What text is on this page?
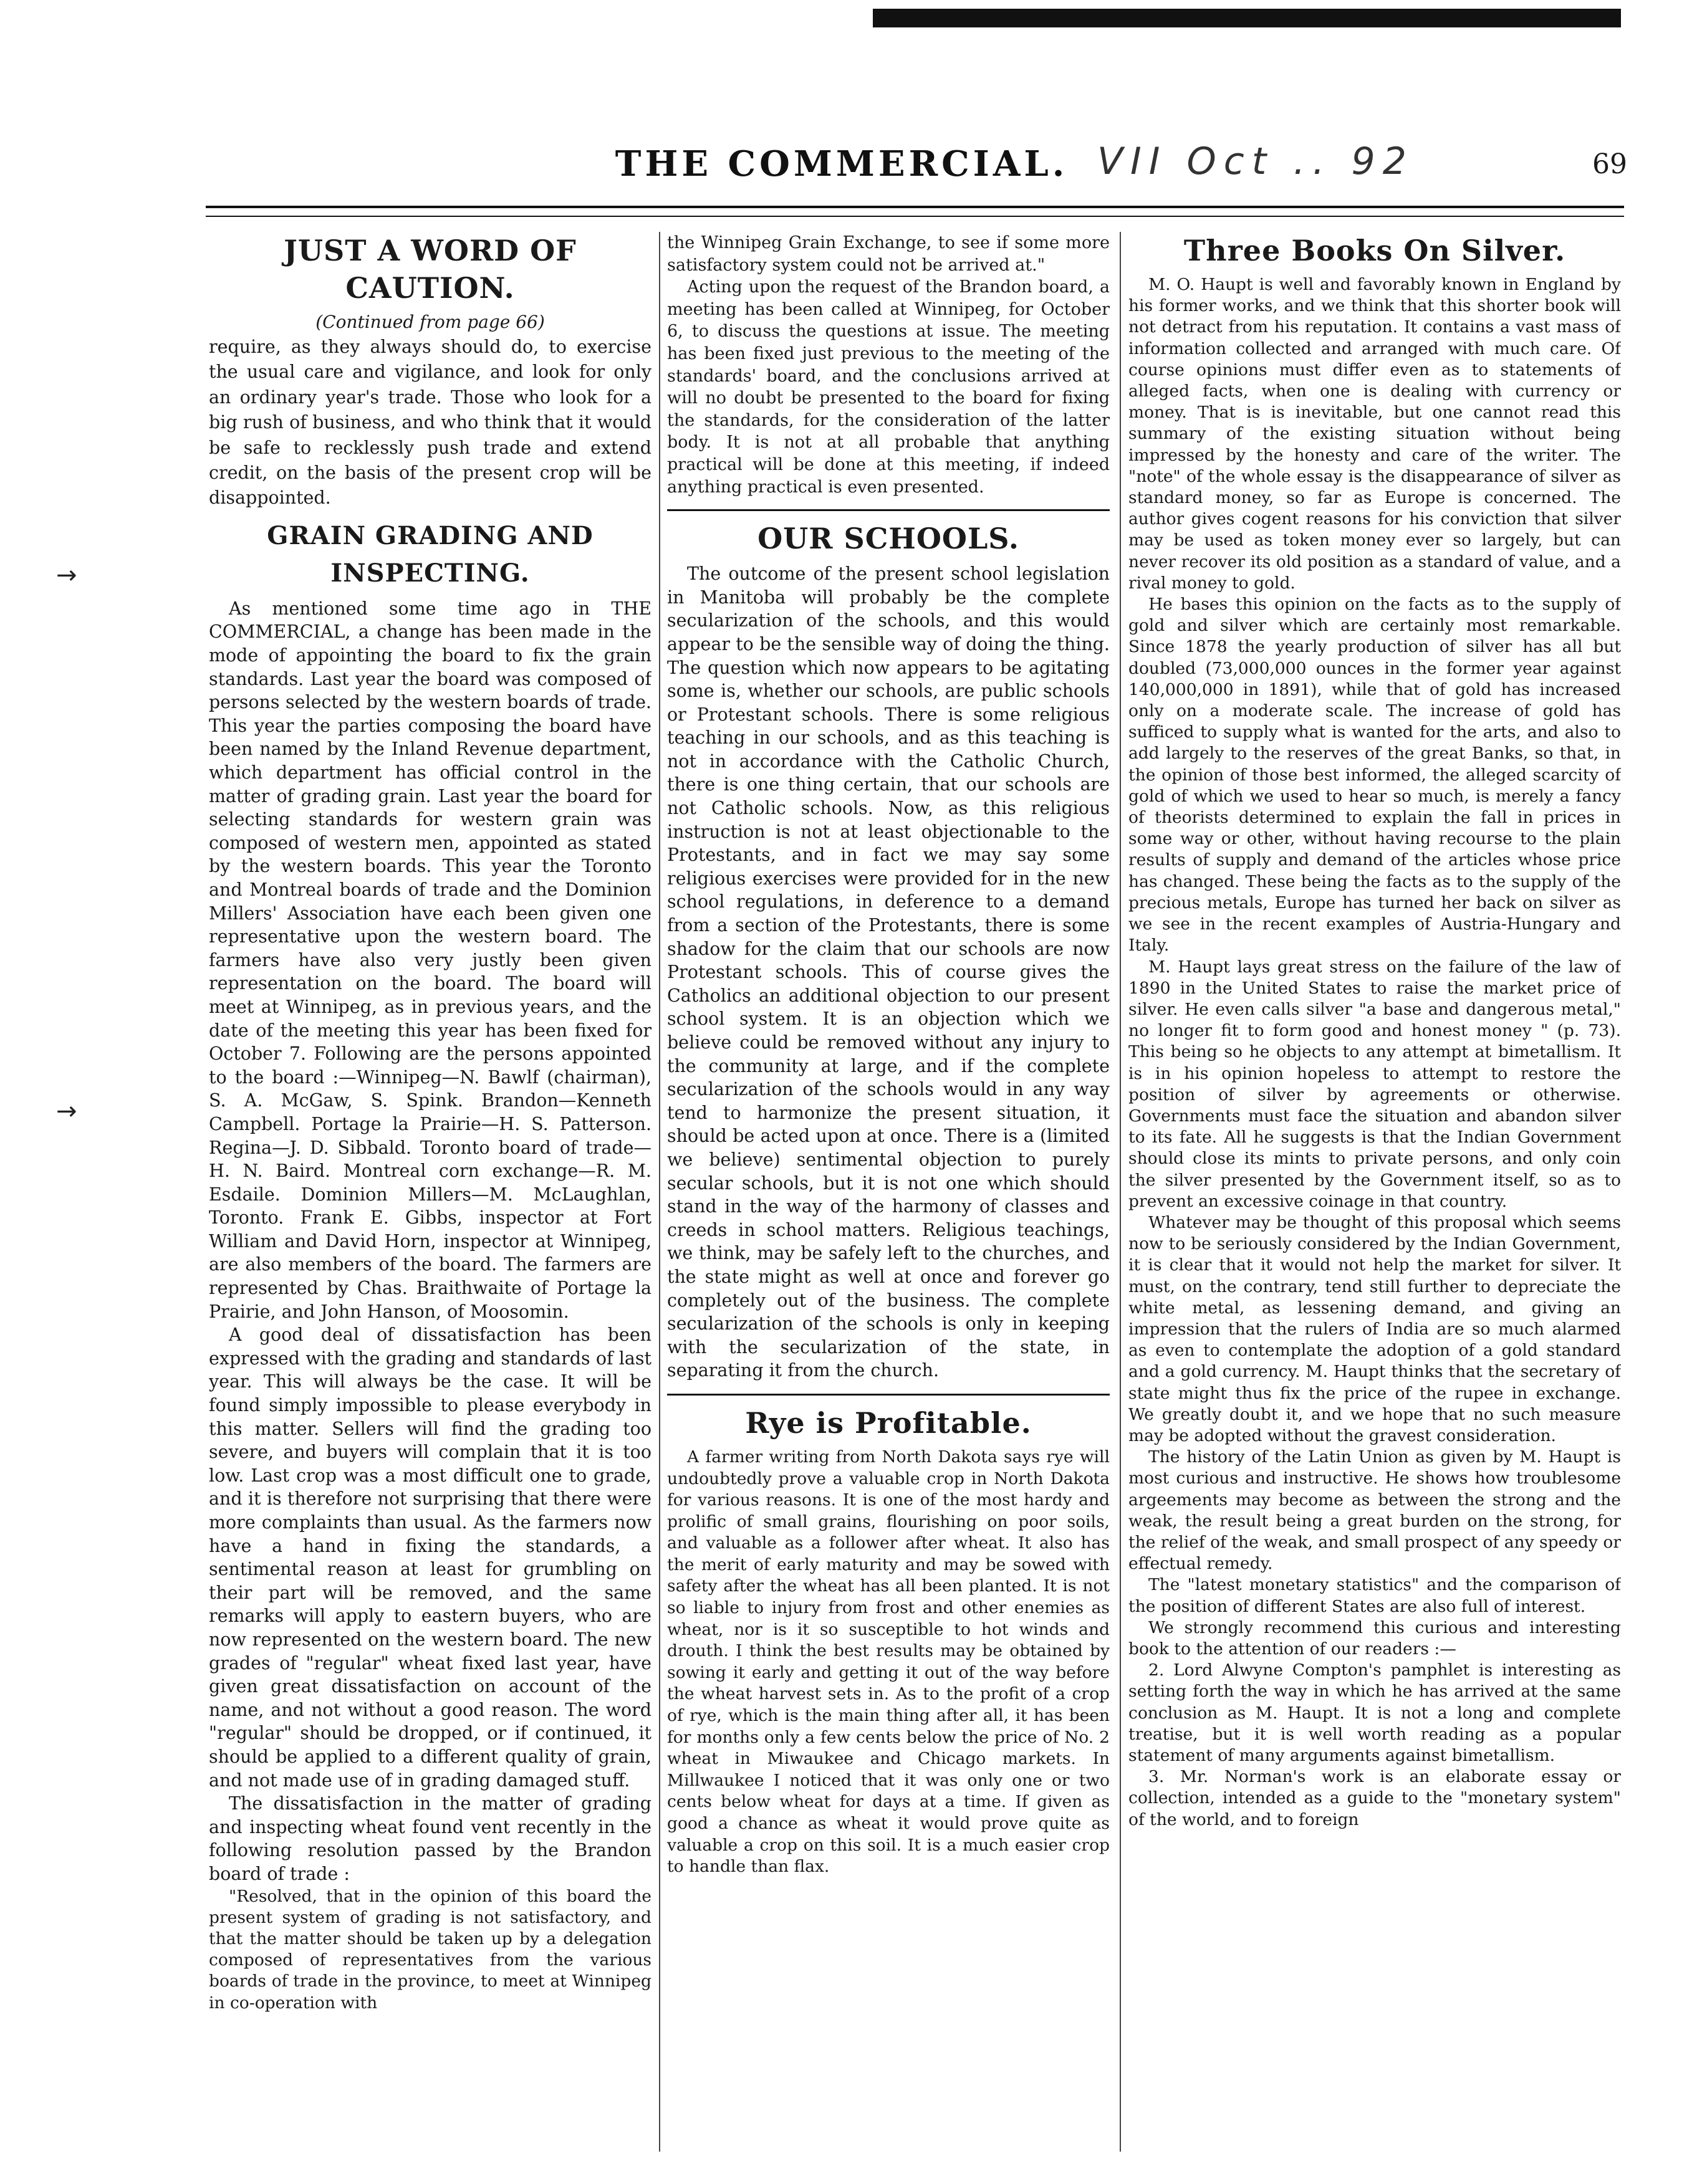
THE COMMERCIAL. VII Oct .. 92	69
→
→
JUST A WORD OF CAUTION.
(Continued from page 66)

require, as they always should do, to exercise the usual care and vigilance, and look for only an ordinary year's trade. Those who look for a big rush of business, and who think that it would be safe to recklessly push trade and extend credit, on the basis of the present crop will be disappointed.

GRAIN GRADING AND INSPECTING.

As mentioned some time ago in THE COMMERCIAL, a change has been made in the mode of appointing the board to fix the grain standards. Last year the board was composed of persons selected by the western boards of trade. This year the parties composing the board have been named by the Inland Revenue department, which department has official control in the matter of grading grain. Last year the board for selecting standards for western grain was composed of western men, appointed as stated by the western boards. This year the Toronto and Montreal boards of trade and the Dominion Millers' Association have each been given one representative upon the western board. The farmers have also very justly been given representation on the board. The board will meet at Winnipeg, as in previous years, and the date of the meeting this year has been fixed for October 7. Following are the persons appointed to the board :—Winnipeg—N. Bawlf (chairman), S. A. McGaw, S. Spink. Brandon—Kenneth Campbell. Portage la Prairie—H. S. Patterson. Regina—J. D. Sibbald. Toronto board of trade—H. N. Baird. Montreal corn exchange—R. M. Esdaile. Dominion Millers—M. McLaughlan, Toronto. Frank E. Gibbs, inspector at Fort William and David Horn, inspector at Winnipeg, are also members of the board. The farmers are represented by Chas. Braithwaite of Portage la Prairie, and John Hanson, of Moosomin.

A good deal of dissatisfaction has been expressed with the grading and standards of last year. This will always be the case. It will be found simply impossible to please everybody in this matter. Sellers will find the grading too severe, and buyers will complain that it is too low. Last crop was a most difficult one to grade, and it is therefore not surprising that there were more complaints than usual. As the farmers now have a hand in fixing the standards, a sentimental reason at least for grumbling on their part will be removed, and the same remarks will apply to eastern buyers, who are now represented on the western board. The new grades of "regular" wheat fixed last year, have given great dissatisfaction on account of the name, and not without a good reason. The word "regular" should be dropped, or if continued, it should be applied to a different quality of grain, and not made use of in grading damaged stuff.

The dissatisfaction in the matter of grading and inspecting wheat found vent recently in the following resolution passed by the Brandon board of trade :

"Resolved, that in the opinion of this board the present system of grading is not satisfactory, and that the matter should be taken up by a delegation composed of representatives from the various boards of trade in the province, to meet at Winnipeg in co-operation with

the Winnipeg Grain Exchange, to see if some more satisfactory system could not be arrived at."

Acting upon the request of the Brandon board, a meeting has been called at Winnipeg, for October 6, to discuss the questions at issue. The meeting has been fixed just previous to the meeting of the standards' board, and the conclusions arrived at will no doubt be presented to the board for fixing the standards, for the consideration of the latter body. It is not at all probable that anything practical will be done at this meeting, if indeed anything practical is even presented.

OUR SCHOOLS.

The outcome of the present school legislation in Manitoba will probably be the complete secularization of the schools, and this would appear to be the sensible way of doing the thing. The question which now appears to be agitating some is, whether our schools, are public schools or Protestant schools. There is some religious teaching in our schools, and as this teaching is not in accordance with the Catholic Church, there is one thing certain, that our schools are not Catholic schools. Now, as this religious instruction is not at least objectionable to the Protestants, and in fact we may say some religious exercises were provided for in the new school regulations, in deference to a demand from a section of the Protestants, there is some shadow for the claim that our schools are now Protestant schools. This of course gives the Catholics an additional objection to our present school system. It is an objection which we believe could be removed without any injury to the community at large, and if the complete secularization of the schools would in any way tend to harmonize the present situation, it should be acted upon at once. There is a (limited we believe) sentimental objection to purely secular schools, but it is not one which should stand in the way of the harmony of classes and creeds in school matters. Religious teachings, we think, may be safely left to the churches, and the state might as well at once and forever go completely out of the business. The complete secularization of the schools is only in keeping with the secularization of the state, in separating it from the church.

Rye is Profitable.

A farmer writing from North Dakota says rye will undoubtedly prove a valuable crop in North Dakota for various reasons. It is one of the most hardy and prolific of small grains, flourishing on poor soils, and valuable as a follower after wheat. It also has the merit of early maturity and may be sowed with safety after the wheat has all been planted. It is not so liable to injury from frost and other enemies as wheat, nor is it so susceptible to hot winds and drouth. I think the best results may be obtained by sowing it early and getting it out of the way before the wheat harvest sets in. As to the profit of a crop of rye, which is the main thing after all, it has been for months only a few cents below the price of No. 2 wheat in Miwaukee and Chicago markets. In Millwaukee I noticed that it was only one or two cents below wheat for days at a time. If given as good a chance as wheat it would prove quite as valuable a crop on this soil. It is a much easier crop to handle than flax.

Three Books On Silver.

M. O. Haupt is well and favorably known in England by his former works, and we think that this shorter book will not detract from his reputation. It contains a vast mass of information collected and arranged with much care. Of course opinions must differ even as to statements of alleged facts, when one is dealing with currency or money. That is is inevitable, but one cannot read this summary of the existing situation without being impressed by the honesty and care of the writer. The "note" of the whole essay is the disappearance of silver as standard money, so far as Europe is concerned. The author gives cogent reasons for his conviction that silver may be used as token money ever so largely, but can never recover its old position as a standard of value, and a rival money to gold.

He bases this opinion on the facts as to the supply of gold and silver which are certainly most remarkable. Since 1878 the yearly production of silver has all but doubled (73,000,000 ounces in the former year against 140,000,000 in 1891), while that of gold has increased only on a moderate scale. The increase of gold has sufficed to supply what is wanted for the arts, and also to add largely to the reserves of the great Banks, so that, in the opinion of those best informed, the alleged scarcity of gold of which we used to hear so much, is merely a fancy of theorists determined to explain the fall in prices in some way or other, without having recourse to the plain results of supply and demand of the articles whose price has changed. These being the facts as to the supply of the precious metals, Europe has turned her back on silver as we see in the recent examples of Austria-Hungary and Italy.

M. Haupt lays great stress on the failure of the law of 1890 in the United States to raise the market price of silver. He even calls silver "a base and dangerous metal," no longer fit to form good and honest money " (p. 73). This being so he objects to any attempt at bimetallism. It is in his opinion hopeless to attempt to restore the position of silver by agreements or otherwise. Governments must face the situation and abandon silver to its fate. All he suggests is that the Indian Government should close its mints to private persons, and only coin the silver presented by the Government itself, so as to prevent an excessive coinage in that country.

Whatever may be thought of this proposal which seems now to be seriously considered by the Indian Government, it is clear that it would not help the market for silver. It must, on the contrary, tend still further to depreciate the white metal, as lessening demand, and giving an impression that the rulers of India are so much alarmed as even to contemplate the adoption of a gold standard and a gold currency. M. Haupt thinks that the secretary of state might thus fix the price of the rupee in exchange. We greatly doubt it, and we hope that no such measure may be adopted without the gravest consideration.

The history of the Latin Union as given by M. Haupt is most curious and instructive. He shows how troublesome argeements may become as between the strong and the weak, the result being a great burden on the strong, for the relief of the weak, and small prospect of any speedy or effectual remedy.

The "latest monetary statistics" and the comparison of the position of different States are also full of interest.

We strongly recommend this curious and interesting book to the attention of our readers :—

2. Lord Alwyne Compton's pamphlet is interesting as setting forth the way in which he has arrived at the same conclusion as M. Haupt. It is not a long and complete treatise, but it is well worth reading as a popular statement of many arguments against bimetallism.

3. Mr. Norman's work is an elaborate essay or collection, intended as a guide to the "monetary system" of the world, and to foreign
